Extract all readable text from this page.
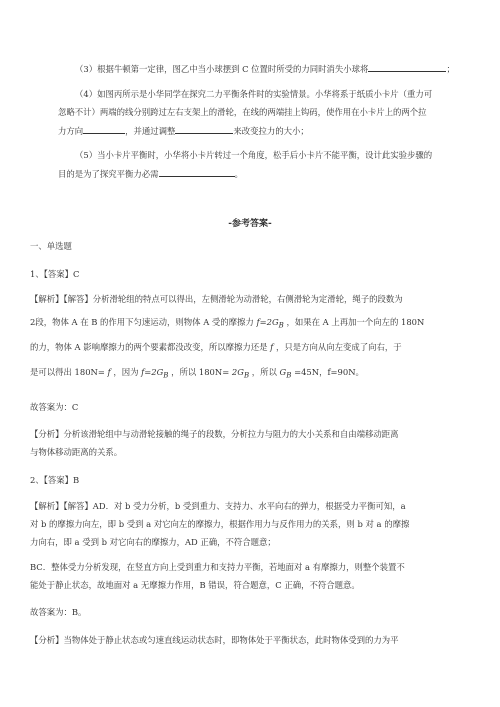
（3）根据牛顿第一定律，图乙中当小球摆到 C 位置时所受的力同时消失小球将	；

（4）如图丙所示是小华同学在探究二力平衡条件时的实验情景。小华将系于纸质小卡片（重力可

忽略不计）两端的线分别跨过左右支架上的滑轮，在线的两端挂上钩码，使作用在小卡片上的两个拉

力方向	，并通过调整	来改变拉力的大小；

（5）当小卡片平衡时，小华将小卡片转过一个角度，松手后小卡片不能平衡，设计此实验步骤的

目的是为了探究平衡力必需	。

-参考答案-

一、单选题

1、【答案】C

【解析】【解答】分析滑轮组的特点可以得出，左侧滑轮为动滑轮，右侧滑轮为定滑轮，绳子的段数为

2段，物体 A 在 B 的作用下匀速运动，则物体 A 受的摩擦力 $f=2G_B$ ，如果在 A 上再加一个向左的 180N

的力，物体 A 影响摩擦力的两个要素都没改变，所以摩擦力还是 f ，只是方向从向左变成了向右，于

是可以得出 180N= f ，因为 $f=2G_B$ ，所以 $180N= 2G_B$ ，所以 $G_B =45N$，f=90N。

故答案为：C

【分析】分析该滑轮组中与动滑轮接触的绳子的段数，分析拉力与阻力的大小关系和自由端移动距离

与物体移动距离的关系。

2、【答案】B

【解析】【解答】AD．对 b 受力分析，b 受到重力、支持力、水平向右的弹力，根据受力平衡可知，a

对 b 的摩擦力向左，即 b 受到 a 对它向左的摩擦力，根据作用力与反作用力的关系，则 b 对 a 的摩擦

力向右，即 a 受到 b 对它向右的摩擦力，AD 正确，不符合题意；

BC．整体受力分析发现，在竖直方向上受到重力和支持力平衡，若地面对 a 有摩擦力，则整个装置不

能处于静止状态，故地面对 a 无摩擦力作用，B 错误，符合题意，C 正确，不符合题意。

故答案为：B。

【分析】当物体处于静止状态或匀速直线运动状态时，即物体处于平衡状态，此时物体受到的力为平
